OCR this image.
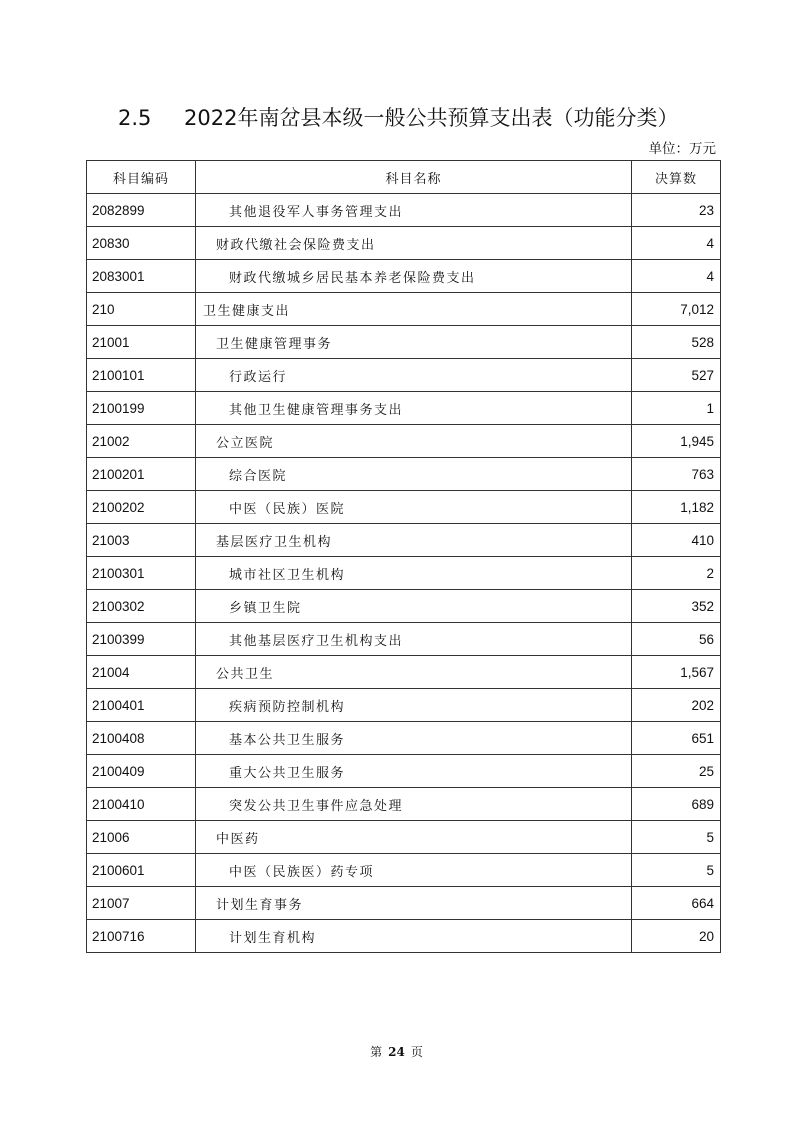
2.5 2022年南岔县本级一般公共预算支出表（功能分类）
单位：万元
科目编码	科目名称	决算数
2082899	其他退役军人事务管理支出	23
20830	财政代缴社会保险费支出	4
2083001	财政代缴城乡居民基本养老保险费支出	4
210	卫生健康支出	7,012
21001	卫生健康管理事务	528
2100101	行政运行	527
2100199	其他卫生健康管理事务支出	1
21002	公立医院	1,945
2100201	综合医院	763
2100202	中医（民族）医院	1,182
21003	基层医疗卫生机构	410
2100301	城市社区卫生机构	2
2100302	乡镇卫生院	352
2100399	其他基层医疗卫生机构支出	56
21004	公共卫生	1,567
2100401	疾病预防控制机构	202
2100408	基本公共卫生服务	651
2100409	重大公共卫生服务	25
2100410	突发公共卫生事件应急处理	689
21006	中医药	5
2100601	中医（民族医）药专项	5
21007	计划生育事务	664
2100716	计划生育机构	20
第 24 页
